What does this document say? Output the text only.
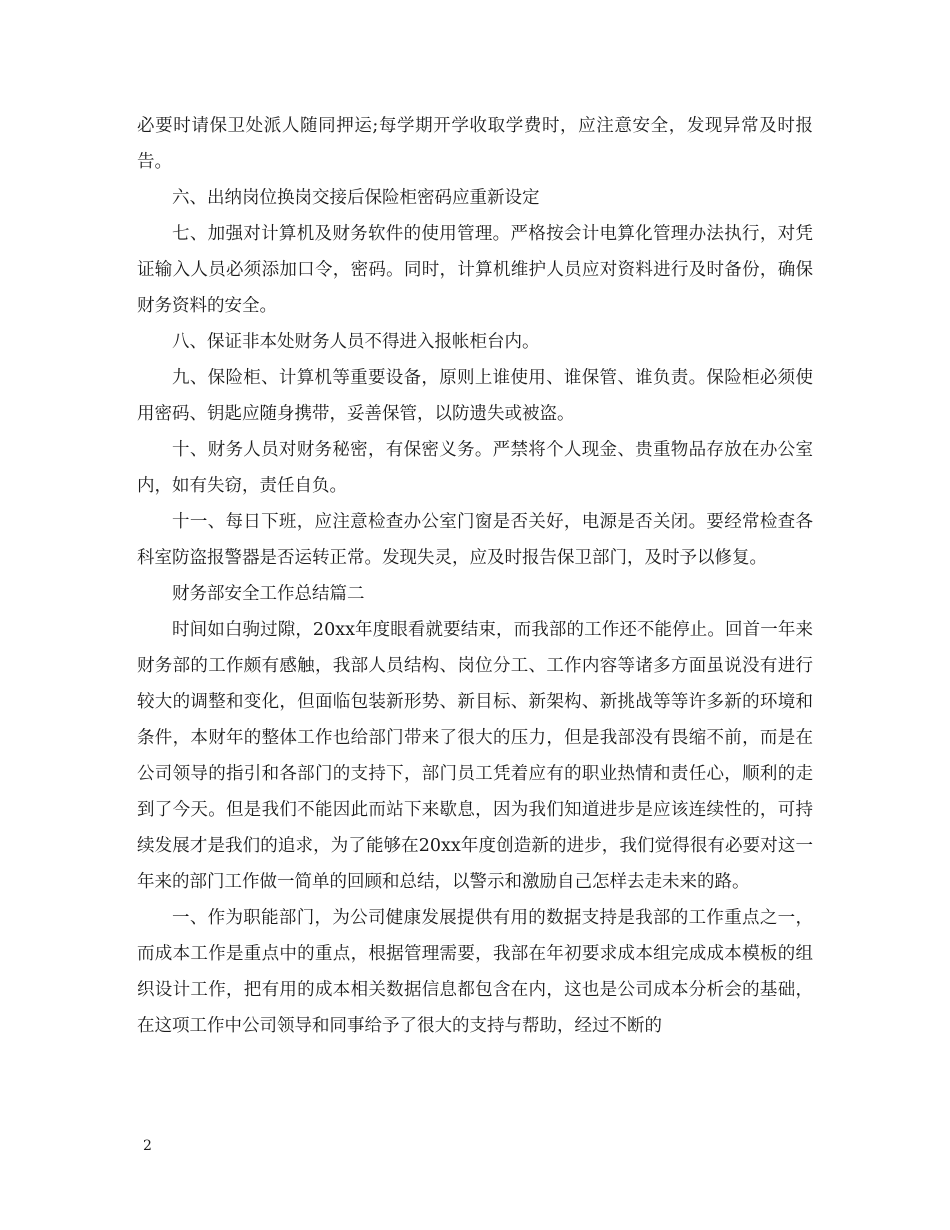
必要时请保卫处派人随同押运;每学期开学收取学费时，应注意安全，发现异常及时报告。

六、出纳岗位换岗交接后保险柜密码应重新设定

七、加强对计算机及财务软件的使用管理。严格按会计电算化管理办法执行，对凭证输入人员必须添加口令，密码。同时，计算机维护人员应对资料进行及时备份，确保财务资料的安全。

八、保证非本处财务人员不得进入报帐柜台内。

九、保险柜、计算机等重要设备，原则上谁使用、谁保管、谁负责。保险柜必须使用密码、钥匙应随身携带，妥善保管，以防遗失或被盗。

十、财务人员对财务秘密，有保密义务。严禁将个人现金、贵重物品存放在办公室内，如有失窃，责任自负。

十一、每日下班，应注意检查办公室门窗是否关好，电源是否关闭。要经常检查各科室防盗报警器是否运转正常。发现失灵，应及时报告保卫部门，及时予以修复。

财务部安全工作总结篇二

时间如白驹过隙，20xx年度眼看就要结束，而我部的工作还不能停止。回首一年来财务部的工作颇有感触，我部人员结构、岗位分工、工作内容等诸多方面虽说没有进行较大的调整和变化，但面临包装新形势、新目标、新架构、新挑战等等许多新的环境和条件，本财年的整体工作也给部门带来了很大的压力，但是我部没有畏缩不前，而是在公司领导的指引和各部门的支持下，部门员工凭着应有的职业热情和责任心，顺利的走到了今天。但是我们不能因此而站下来歇息，因为我们知道进步是应该连续性的，可持续发展才是我们的追求，为了能够在20xx年度创造新的进步，我们觉得很有必要对这一年来的部门工作做一简单的回顾和总结，以警示和激励自己怎样去走未来的路。

一、作为职能部门，为公司健康发展提供有用的数据支持是我部的工作重点之一，而成本工作是重点中的重点，根据管理需要，我部在年初要求成本组完成成本模板的组织设计工作，把有用的成本相关数据信息都包含在内，这也是公司成本分析会的基础，在这项工作中公司领导和同事给予了很大的支持与帮助，经过不断的

2
